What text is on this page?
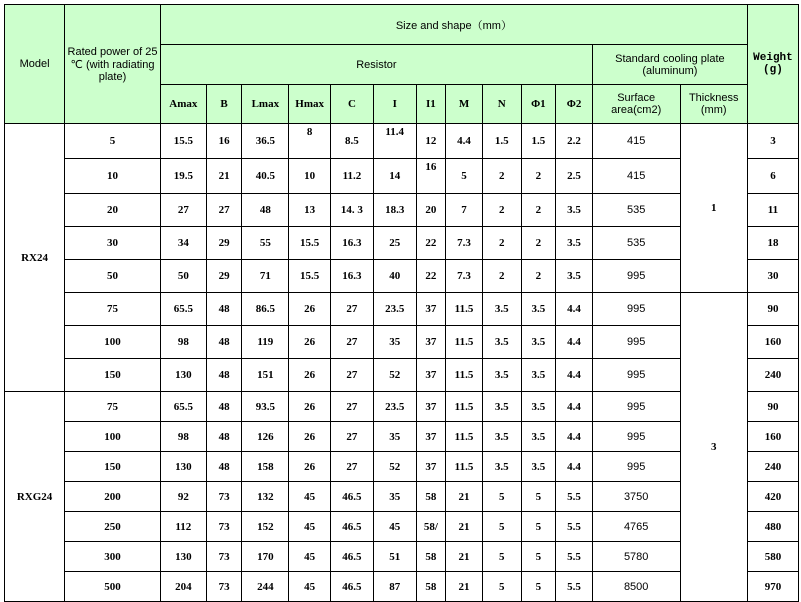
Model	Rated power of 25 ℃ (with radiating plate)	Size and shape（mm）													Weight (g)
		Resistor											Standard cooling plate (aluminum)		
		Amax	B	Lmax	Hmax	C	I	I1	M	N	Φ1	Φ2	Surface area(cm2)	Thickness (mm)	
RX24	5	15.5	16	36.5	8	8.5	11.4	12	4.4	1.5	1.5	2.2	415	1	3
	10	19.5	21	40.5	10	11.2	14	16	5	2	2	2.5	415		6
	20	27	27	48	13	14. 3	18.3	20	7	2	2	3.5	535		11
	30	34	29	55	15.5	16.3	25	22	7.3	2	2	3.5	535		18
	50	50	29	71	15.5	16.3	40	22	7.3	2	2	3.5	995		30
	75	65.5	48	86.5	26	27	23.5	37	11.5	3.5	3.5	4.4	995	3	90
	100	98	48	119	26	27	35	37	11.5	3.5	3.5	4.4	995		160
	150	130	48	151	26	27	52	37	11.5	3.5	3.5	4.4	995		240
RXG24	75	65.5	48	93.5	26	27	23.5	37	11.5	3.5	3.5	4.4	995		90
	100	98	48	126	26	27	35	37	11.5	3.5	3.5	4.4	995		160
	150	130	48	158	26	27	52	37	11.5	3.5	3.5	4.4	995		240
	200	92	73	132	45	46.5	35	58	21	5	5	5.5	3750		420
	250	112	73	152	45	46.5	45	58/	21	5	5	5.5	4765		480
	300	130	73	170	45	46.5	51	58	21	5	5	5.5	5780		580
	500	204	73	244	45	46.5	87	58	21	5	5	5.5	8500		970
